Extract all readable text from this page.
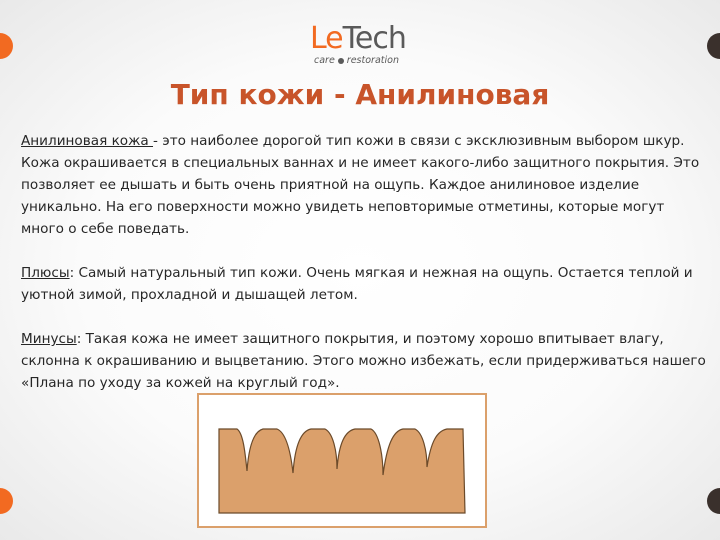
LeTech
care restoration
Тип кожи - Анилиновая
Анилиновая кожа - это наиболее дорогой тип кожи в связи с эксклюзивным выбором шкур. Кожа окрашивается в специальных ваннах и не имеет какого-либо защитного покрытия. Это позволяет ее дышать и быть очень приятной на ощупь. Каждое анилиновое изделие уникально. На его поверхности можно увидеть неповторимые отметины, которые могут много о себе поведать.
Плюсы: Самый натуральный тип кожи. Очень мягкая и нежная на ощупь. Остается теплой и уютной зимой, прохладной и дышащей летом.
Минусы: Такая кожа не имеет защитного покрытия, и поэтому хорошо впитывает влагу, склонна к окрашиванию и выцветанию. Этого можно избежать, если придерживаться нашего «Плана по уходу за кожей на круглый год».
